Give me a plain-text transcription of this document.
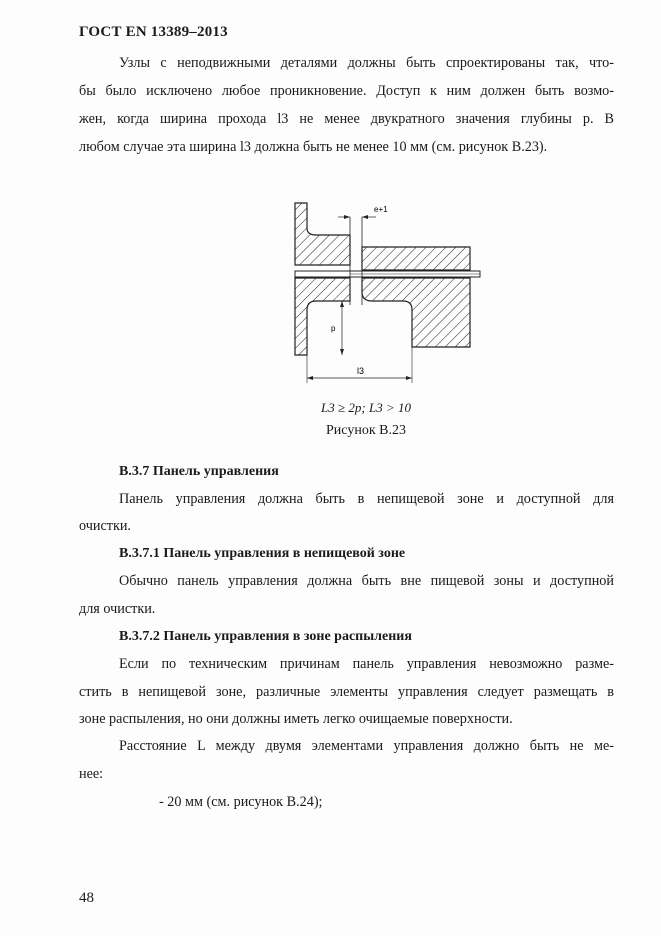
ГОСТ EN 13389–2013
Узлы с неподвижными деталями должны быть спроектированы так, что-
бы было исключено любое проникновение. Доступ к ним должен быть возмо-
жен, когда ширина прохода l3 не менее двукратного значения глубины p. В
любом случае эта ширина l3 должна быть не менее 10 мм (см. рисунок В.23).
e+1
p
l3
L3 ≥ 2p; L3 > 10
Рисунок В.23
B.3.7 Панель управления
Панель управления должна быть в непищевой зоне и доступной для
очистки.
В.3.7.1 Панель управления в непищевой зоне
Обычно панель управления должна быть вне пищевой зоны и доступной
для очистки.
В.3.7.2 Панель управления в зоне распыления
Если по техническим причинам панель управления невозможно разме-
стить в непищевой зоне, различные элементы управления следует размещать в
зоне распыления, но они должны иметь легко очищаемые поверхности.
Расстояние L между двумя элементами управления должно быть не ме-
нее:
- 20 мм (см. рисунок В.24);
48
